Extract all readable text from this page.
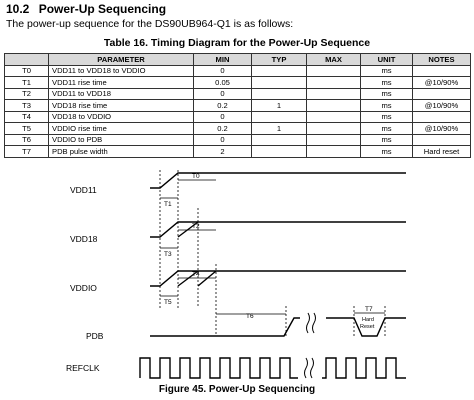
10.2 Power-Up Sequencing
The power-up sequence for the DS90UB964-Q1 is as follows:
Table 16. Timing Diagram for the Power-Up Sequence
	PARAMETER	MIN	TYP	MAX	UNIT	NOTES
T0	VDD11 to VDD18 to VDDIO	0			ms	
T1	VDD11 rise time	0.05			ms	@10/90%
T2	VDD11 to VDD18	0			ms	
T3	VDD18 rise time	0.2	1		ms	@10/90%
T4	VDD18 to VDDIO	0			ms	
T5	VDDIO rise time	0.2	1		ms	@10/90%
T6	VDDIO to PDB	0			ms	
T7	PDB pulse width	2			ms	Hard reset
VDD11
VDD18
VDDIO
PDB
REFCLK
T0
T1
T2
T3
T4
T5
T6
T7
Hard
Reset
Figure 45. Power-Up Sequencing
